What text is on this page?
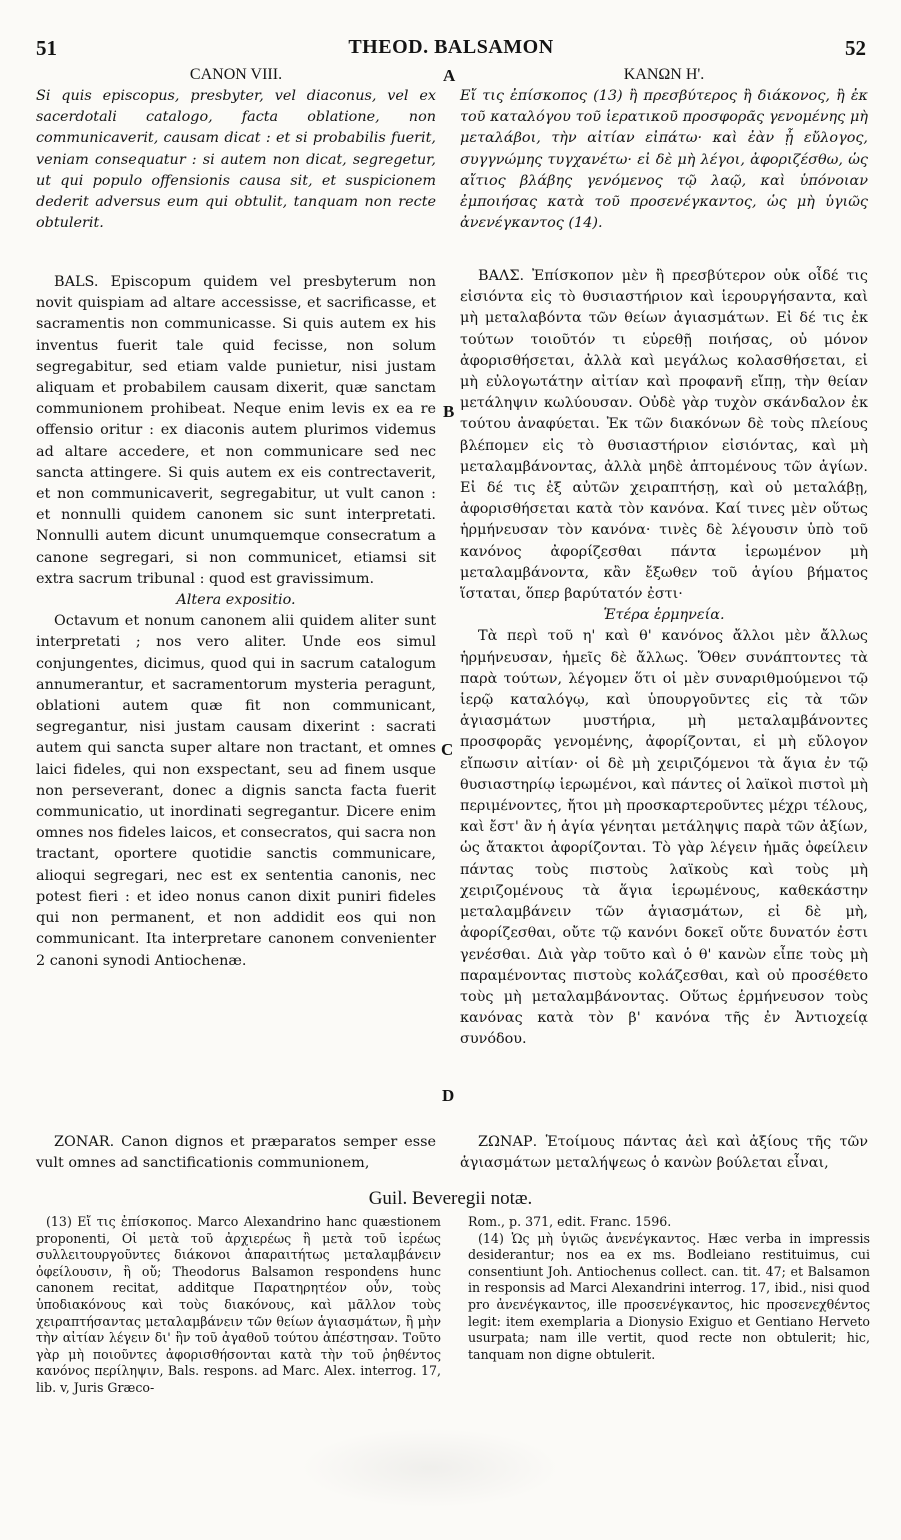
51	THEOD. BALSAMON	52
A
B
C
D
CANON VIII.

Si quis episcopus, presbyter, vel diaconus, vel ex sacerdotali catalogo, facta oblatione, non communicaverit, causam dicat : et si probabilis fuerit, veniam consequatur : si autem non dicat, segregetur, ut qui populo offensionis causa sit, et suspicionem dederit adversus eum qui obtulit, tanquam non recte obtulerit.

BALS. Episcopum quidem vel presbyterum non novit quispiam ad altare accessisse, et sacrificasse, et sacramentis non communicasse. Si quis autem ex his inventus fuerit tale quid fecisse, non solum segregabitur, sed etiam valde punietur, nisi justam aliquam et probabilem causam dixerit, quæ sanctam communionem prohibeat. Neque enim levis ex ea re offensio oritur : ex diaconis autem plurimos videmus ad altare accedere, et non communicare sed nec sancta attingere. Si quis autem ex eis contrectaverit, et non communicaverit, segregabitur, ut vult canon : et nonnulli quidem canonem sic sunt interpretati. Nonnulli autem dicunt unumquemque consecratum a canone segregari, si non communicet, etiamsi sit extra sacrum tribunal : quod est gravissimum.

Altera expositio.

Octavum et nonum canonem alii quidem aliter sunt interpretati ; nos vero aliter. Unde eos simul conjungentes, dicimus, quod qui in sacrum catalogum annumerantur, et sacramentorum mysteria peragunt, oblationi autem quæ fit non communicant, segregantur, nisi justam causam dixerint : sacrati autem qui sancta super altare non tractant, et omnes laici fideles, qui non exspectant, seu ad finem usque non perseverant, donec a dignis sancta facta fuerit communicatio, ut inordinati segregantur. Dicere enim omnes nos fideles laicos, et consecratos, qui sacra non tractant, oportere quotidie sanctis communicare, alioqui segregari, nec est ex sententia canonis, nec potest fieri : et ideo nonus canon dixit puniri fideles qui non permanent, et non addidit eos qui non communicant. Ita interpretare canonem convenienter 2 canoni synodi Antiochenæ.

ZONAR. Canon dignos et præparatos semper esse vult omnes ad sanctificationis communionem,

ΚΑΝΩΝ Η'.

Εἴ τις ἐπίσκοπος (13) ἢ πρεσβύτερος ἢ διάκονος, ἢ ἐκ τοῦ καταλόγου τοῦ ἱερατικοῦ προσφορᾶς γενομένης μὴ μεταλάβοι, τὴν αἰτίαν εἰπάτω· καὶ ἐὰν ᾖ εὔλογος, συγγνώμης τυγχανέτω· εἰ δὲ μὴ λέγοι, ἀφοριζέσθω, ὡς αἴτιος βλάβης γενόμενος τῷ λαῷ, καὶ ὑπόνοιαν ἐμποιήσας κατὰ τοῦ προσενέγκαντος, ὡς μὴ ὑγιῶς ἀνενέγκαντος (14).

ΒΑΛΣ. Ἐπίσκοπον μὲν ἢ πρεσβύτερον οὐκ οἶδέ τις εἰσιόντα εἰς τὸ θυσιαστήριον καὶ ἱερουργήσαντα, καὶ μὴ μεταλαβόντα τῶν θείων ἁγιασμάτων. Εἰ δέ τις ἐκ τούτων τοιοῦτόν τι εὑρεθῇ ποιήσας, οὐ μόνον ἀφορισθήσεται, ἀλλὰ καὶ μεγάλως κολασθήσεται, εἰ μὴ εὐλογωτάτην αἰτίαν καὶ προφανῆ εἴπῃ, τὴν θείαν μετάληψιν κωλύουσαν. Οὐδὲ γὰρ τυχὸν σκάνδαλον ἐκ τούτου ἀναφύεται. Ἐκ τῶν διακόνων δὲ τοὺς πλείους βλέπομεν εἰς τὸ θυσιαστήριον εἰσιόντας, καὶ μὴ μεταλαμβάνοντας, ἀλλὰ μηδὲ ἁπτομένους τῶν ἁγίων. Εἰ δέ τις ἐξ αὐτῶν χειραπτήσῃ, καὶ οὐ μεταλάβῃ, ἀφορισθήσεται κατὰ τὸν κανόνα. Καί τινες μὲν οὕτως ἡρμήνευσαν τὸν κανόνα· τινὲς δὲ λέγουσιν ὑπὸ τοῦ κανόνος ἀφορίζεσθαι πάντα ἱερωμένον μὴ μεταλαμβάνοντα, κἂν ἔξωθεν τοῦ ἁγίου βήματος ἵσταται, ὅπερ βαρύτατόν ἐστι·

Ἑτέρα ἑρμηνεία.

Τὰ περὶ τοῦ η' καὶ θ' κανόνος ἄλλοι μὲν ἄλλως ἡρμήνευσαν, ἡμεῖς δὲ ἄλλως. Ὅθεν συνάπτοντες τὰ παρὰ τούτων, λέγομεν ὅτι οἱ μὲν συναριθμούμενοι τῷ ἱερῷ καταλόγῳ, καὶ ὑπουργοῦντες εἰς τὰ τῶν ἁγιασμάτων μυστήρια, μὴ μεταλαμβάνοντες προσφορᾶς γενομένης, ἀφορίζονται, εἰ μὴ εὔλογον εἴπωσιν αἰτίαν· οἱ δὲ μὴ χειριζόμενοι τὰ ἅγια ἐν τῷ θυσιαστηρίῳ ἱερωμένοι, καὶ πάντες οἱ λαϊκοὶ πιστοὶ μὴ περιμένοντες, ἤτοι μὴ προσκαρτεροῦντες μέχρι τέλους, καὶ ἔστ' ἂν ἡ ἁγία γένηται μετάληψις παρὰ τῶν ἀξίων, ὡς ἄτακτοι ἀφορίζονται. Τὸ γὰρ λέγειν ἡμᾶς ὀφείλειν πάντας τοὺς πιστοὺς λαϊκοὺς καὶ τοὺς μὴ χειριζομένους τὰ ἅγια ἱερωμένους, καθεκάστην μεταλαμβάνειν τῶν ἁγιασμάτων, εἰ δὲ μὴ, ἀφορίζεσθαι, οὔτε τῷ κανόνι δοκεῖ οὔτε δυνατόν ἐστι γενέσθαι. Διὰ γὰρ τοῦτο καὶ ὁ θ' κανὼν εἶπε τοὺς μὴ παραμένοντας πιστοὺς κολάζεσθαι, καὶ οὐ προσέθετο τοὺς μὴ μεταλαμβάνοντας. Οὕτως ἑρμήνευσον τοὺς κανόνας κατὰ τὸν β' κανόνα τῆς ἐν Ἀντιοχείᾳ συνόδου.

ΖΩΝΑΡ. Ἑτοίμους πάντας ἀεὶ καὶ ἀξίους τῆς τῶν ἁγιασμάτων μεταλήψεως ὁ κανὼν βούλεται εἶναι,

Guil. Beveregii notæ.

(13) Εἴ τις ἐπίσκοπος. Marco Alexandrino hanc quæstionem proponenti, Οἱ μετὰ τοῦ ἀρχιερέως ἢ μετὰ τοῦ ἱερέως συλλειτουργοῦντες διάκονοι ἀπαραιτήτως μεταλαμβάνειν ὀφείλουσιν, ἢ οὔ; Theodorus Balsamon respondens hunc canonem recitat, additque Παρατηρητέον οὖν, τοὺς ὑποδιακόνους καὶ τοὺς διακόνους, καὶ μᾶλλον τοὺς χειραπτήσαντας μεταλαμβάνειν τῶν θείων ἁγιασμάτων, ἢ μὴν τὴν αἰτίαν λέγειν δι' ἣν τοῦ ἀγαθοῦ τούτου ἀπέστησαν. Τοῦτο γὰρ μὴ ποιοῦντες ἀφορισθήσονται κατὰ τὴν τοῦ ῥηθέντος κανόνος περίληψιν, Bals. respons. ad Marc. Alex. interrog. 17, lib. v, Juris Græco-

Rom., p. 371, edit. Franc. 1596.

(14) Ὡς μὴ ὑγιῶς ἀνενέγκαντος. Hæc verba in impressis desiderantur; nos ea ex ms. Bodleiano restituimus, cui consentiunt Joh. Antiochenus collect. can. tit. 47; et Balsamon in responsis ad Marci Alexandrini interrog. 17, ibid., nisi quod pro ἀνενέγκαντος, ille προσενέγκαντος, hic προσενεχθέντος legit: item exemplaria a Dionysio Exiguo et Gentiano Herveto usurpata; nam ille vertit, quod recte non obtulerit; hic, tanquam non digne obtulerit.
